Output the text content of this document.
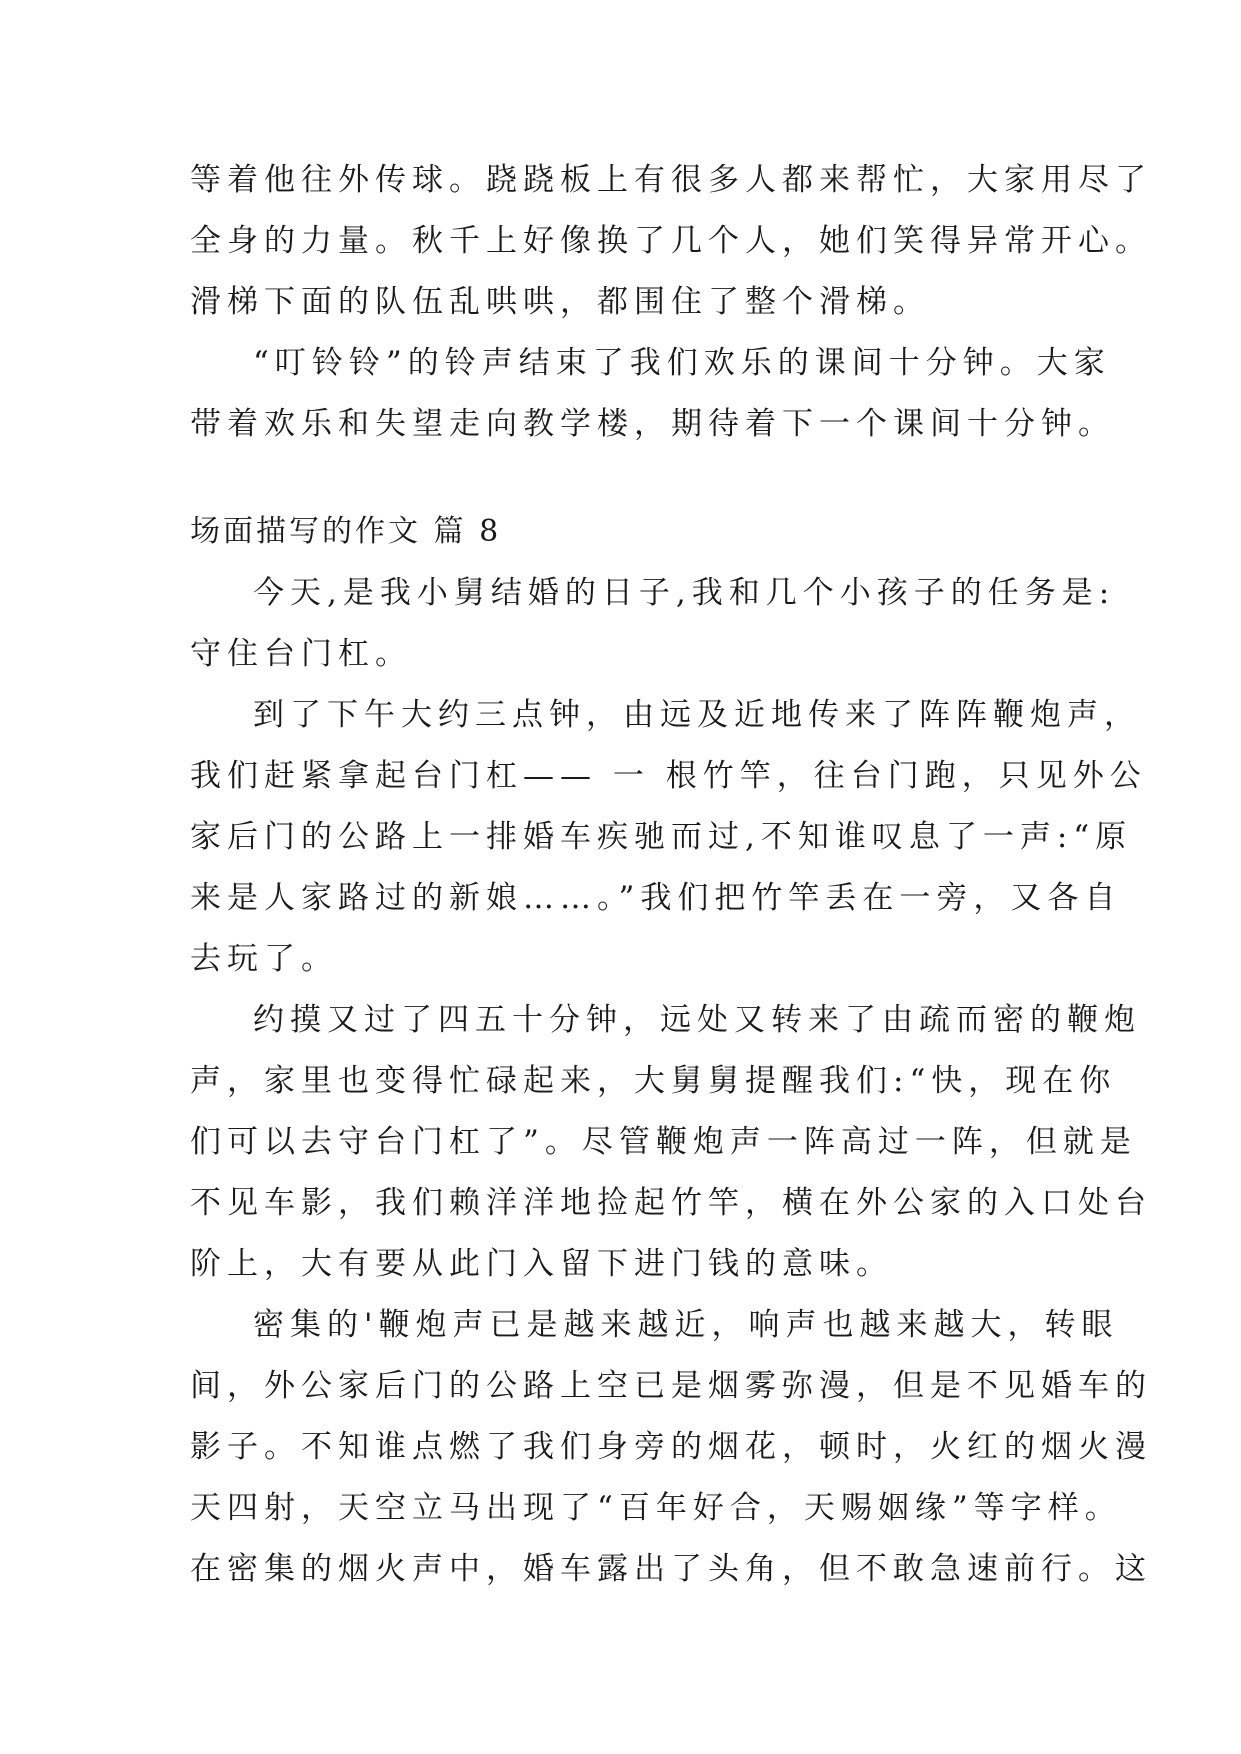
等着他往外传球。跷跷板上有很多人都来帮忙，大家用尽了
全身的力量。秋千上好像换了几个人，她们笑得异常开心。
滑梯下面的队伍乱哄哄，都围住了整个滑梯。
“叮铃铃”的铃声结束了我们欢乐的课间十分钟。大家
带着欢乐和失望走向教学楼，期待着下一个课间十分钟。
场面描写的作文 篇 8
今天,是我小舅结婚的日子,我和几个小孩子的任务是:
守住台门杠。
到了下午大约三点钟，由远及近地传来了阵阵鞭炮声，
我们赶紧拿起台门杠—— 一 根竹竿，往台门跑，只见外公
家后门的公路上一排婚车疾驰而过,不知谁叹息了一声:“原
来是人家路过的新娘……。”我们把竹竿丢在一旁，又各自
去玩了。
约摸又过了四五十分钟，远处又转来了由疏而密的鞭炮
声，家里也变得忙碌起来，大舅舅提醒我们:“快，现在你
们可以去守台门杠了”。尽管鞭炮声一阵高过一阵，但就是
不见车影，我们赖洋洋地捡起竹竿，横在外公家的入口处台
阶上，大有要从此门入留下进门钱的意味。
密集的'鞭炮声已是越来越近，响声也越来越大，转眼
间，外公家后门的公路上空已是烟雾弥漫，但是不见婚车的
影子。不知谁点燃了我们身旁的烟花，顿时，火红的烟火漫
天四射，天空立马出现了“百年好合，天赐姻缘”等字样。
在密集的烟火声中，婚车露出了头角，但不敢急速前行。这
